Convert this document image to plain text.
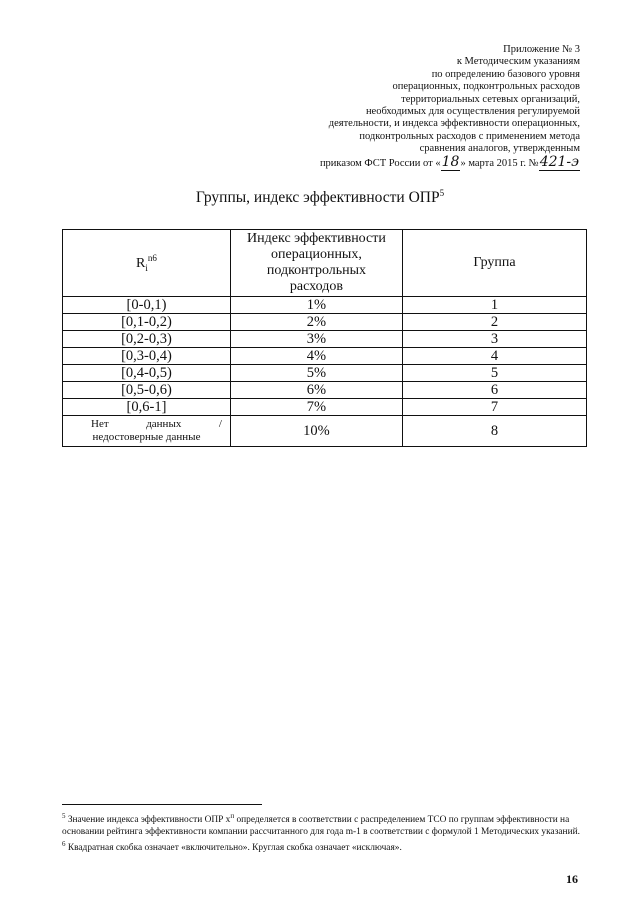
Приложение № 3
к Методическим указаниям
по определению базового уровня
операционных, подконтрольных расходов
территориальных сетевых организаций,
необходимых для осуществления регулируемой
деятельности, и индекса эффективности операционных,
подконтрольных расходов с применением метода
сравнения аналогов, утвержденным
приказом ФСТ России от «18» марта 2015 г. №421-э
Группы, индекс эффективности ОПР$^5$
$R_i^{n6}$	Индекс эффективности
операционных,
подконтрольных
расходов	Группа
[0-0,1)	1%	1
[0,1-0,2)	2%	2
[0,2-0,3)	3%	3
[0,3-0,4)	4%	4
[0,4-0,5)	5%	5
[0,5-0,6)	6%	6
[0,6-1]	7%	7

Нет данных /
недостоверные данные	10%	8
$^5$ Значение индекса эффективности ОПР $x^п$ определяется в соответствии с распределением ТСО по группам эффективности на основании рейтинга эффективности компании рассчитанного для года m-1 в соответствии с формулой 1 Методических указаний.
$^6$ Квадратная скобка означает «включительно». Круглая скобка означает «исключая».
16
